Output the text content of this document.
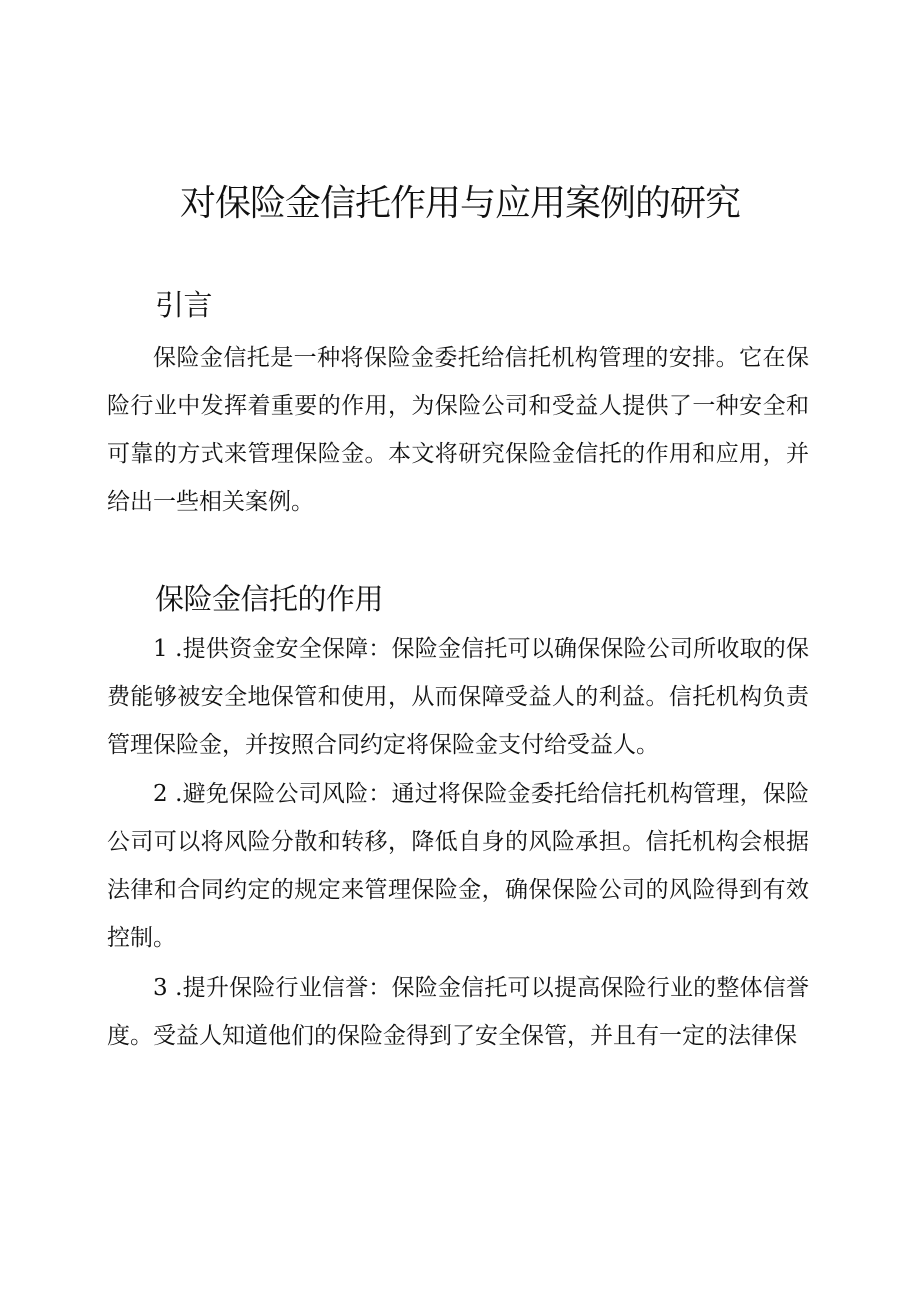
对保险金信托作用与应用案例的研究
引言

保险金信托是一种将保险金委托给信托机构管理的安排。它在保险行业中发挥着重要的作用，为保险公司和受益人提供了一种安全和可靠的方式来管理保险金。本文将研究保险金信托的作用和应用，并给出一些相关案例。

保险金信托的作用

1 .提供资金安全保障：保险金信托可以确保保险公司所收取的保费能够被安全地保管和使用，从而保障受益人的利益。信托机构负责管理保险金，并按照合同约定将保险金支付给受益人。

2 .避免保险公司风险：通过将保险金委托给信托机构管理，保险公司可以将风险分散和转移，降低自身的风险承担。信托机构会根据法律和合同约定的规定来管理保险金，确保保险公司的风险得到有效控制。

3 .提升保险行业信誉：保险金信托可以提高保险行业的整体信誉度。受益人知道他们的保险金得到了安全保管，并且有一定的法律保
